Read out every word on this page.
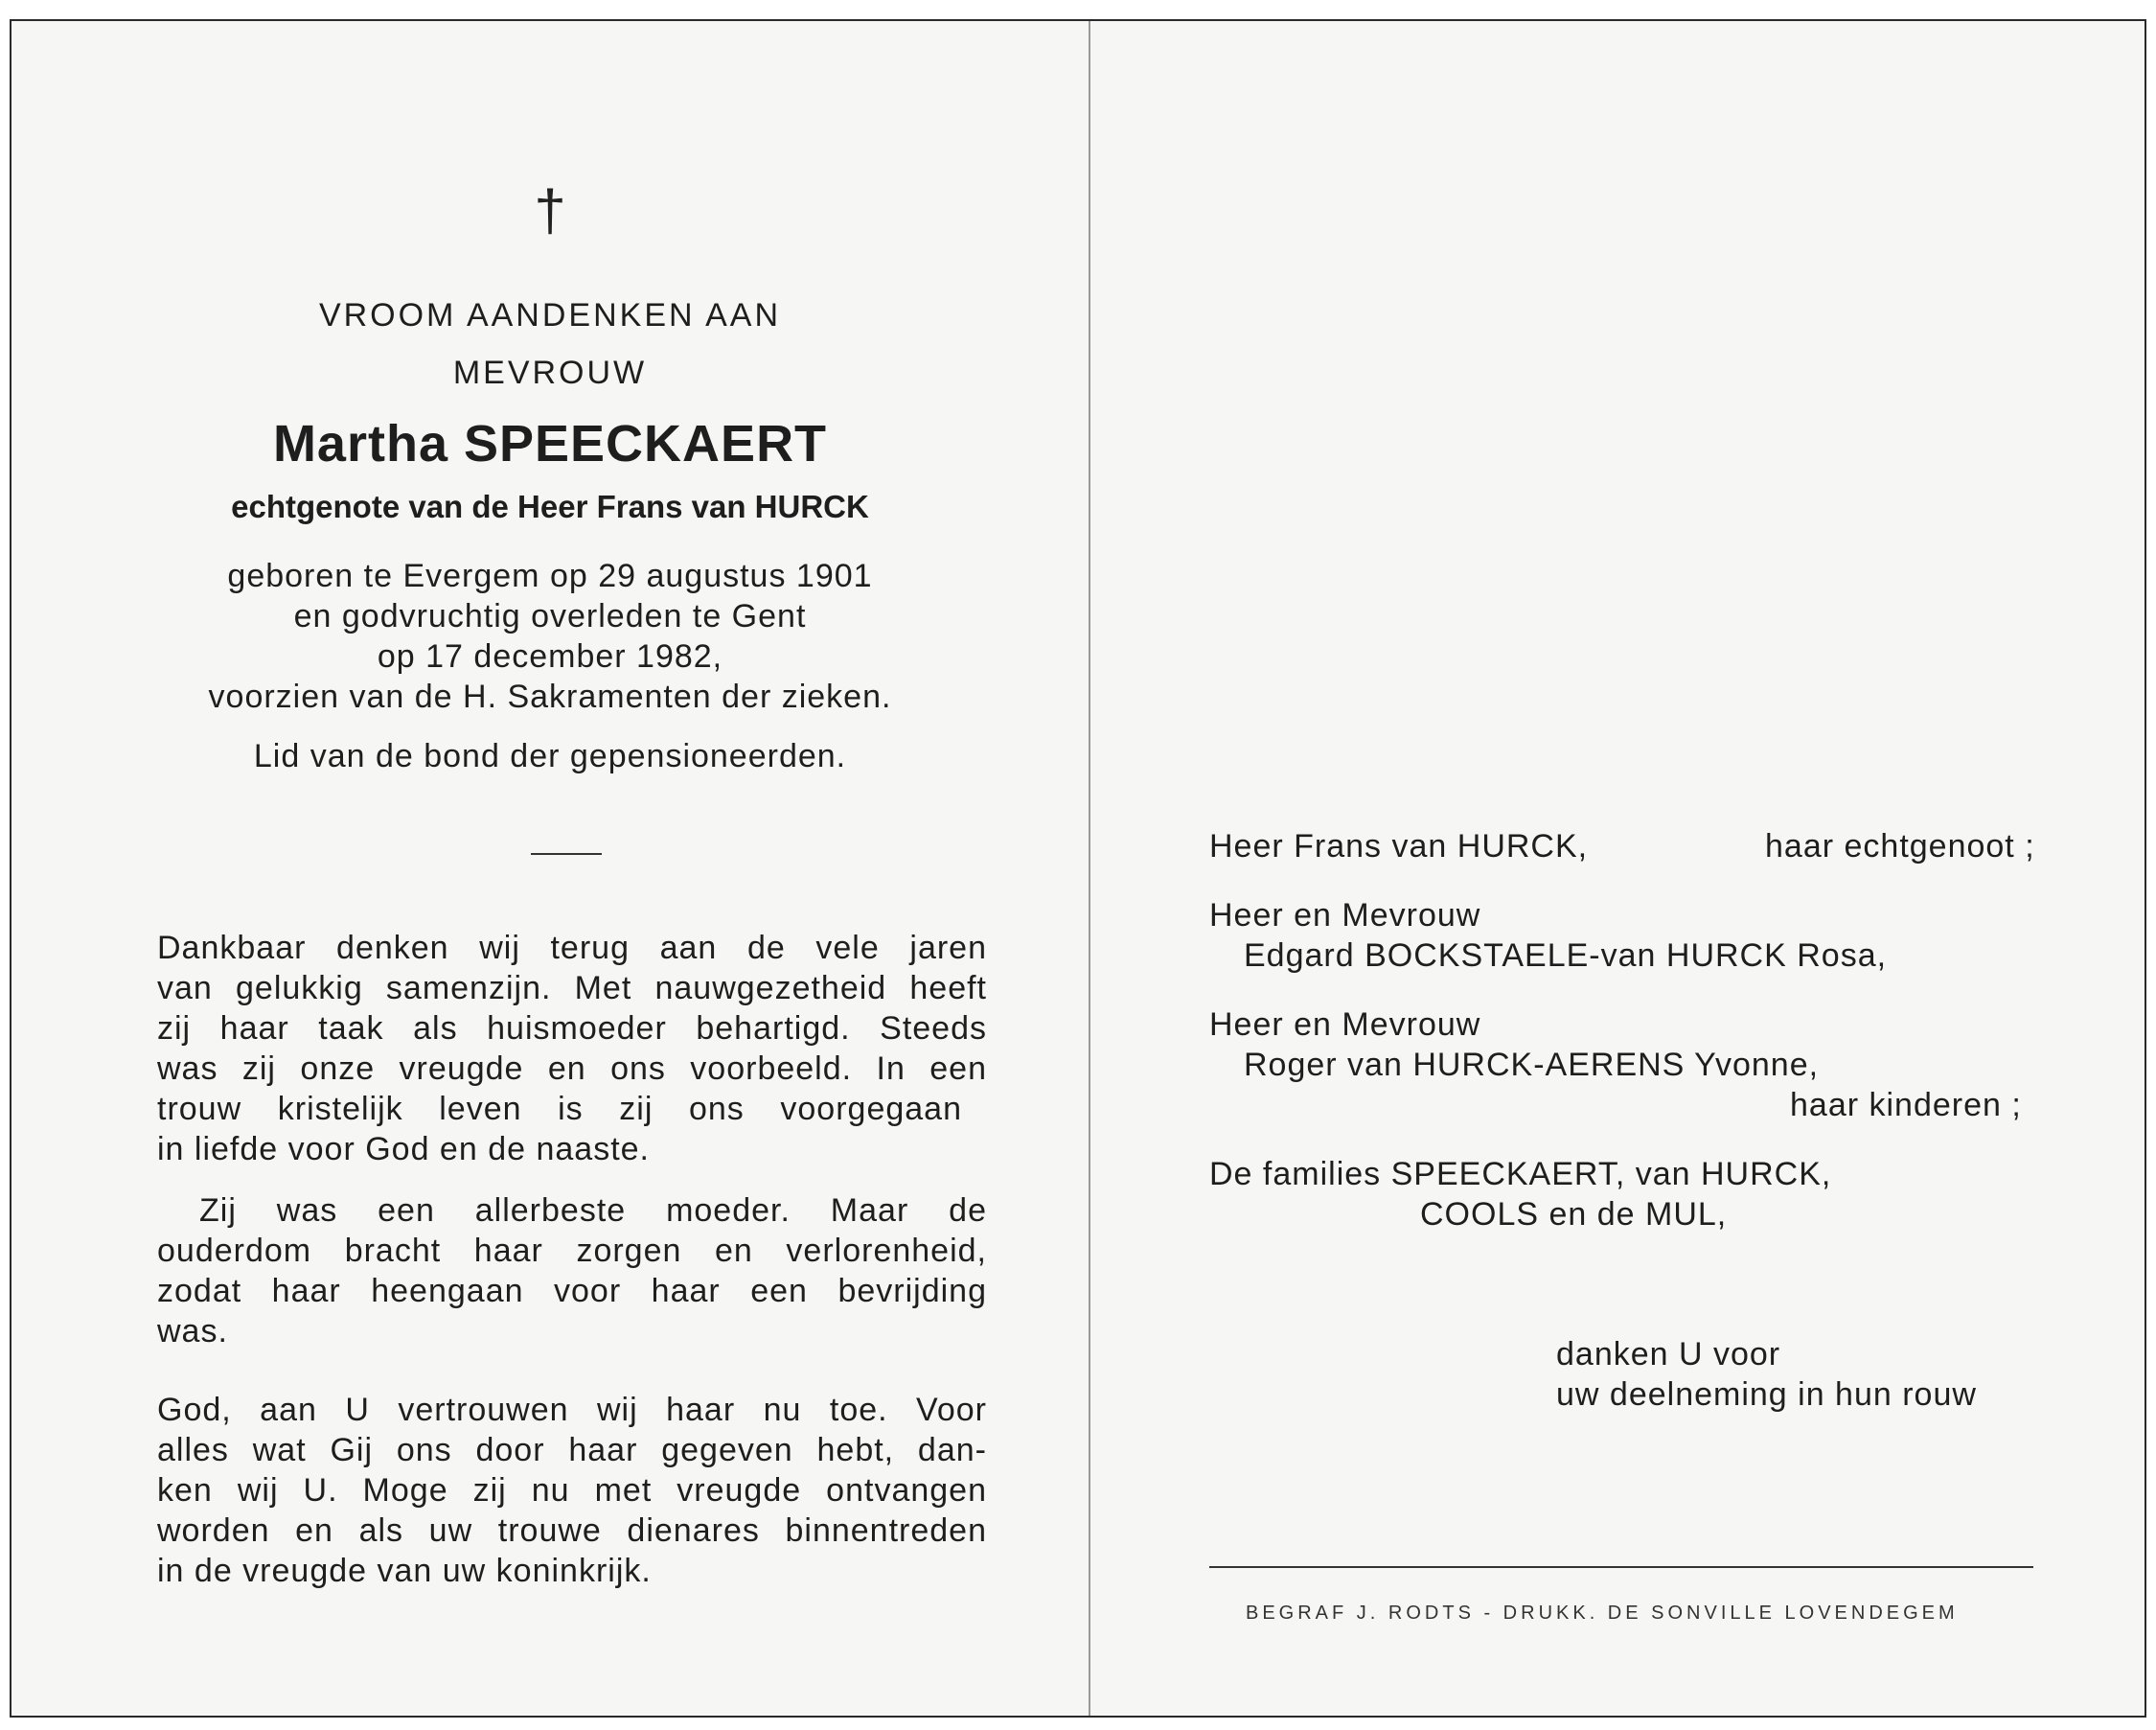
†
VROOM AANDENKEN AAN
MEVROUW
Martha SPEECKAERT
echtgenote van de Heer Frans van HURCK
geboren te Evergem op 29 augustus 1901
en godvruchtig overleden te Gent
op 17 december 1982,
voorzien van de H. Sakramenten der zieken.
Lid van de bond der gepensioneerden.
Dankbaar denken wij terug aan de vele jaren
van gelukkig samenzijn. Met nauwgezetheid heeft
zij haar taak als huismoeder behartigd. Steeds
was zij onze vreugde en ons voorbeeld. In een
trouw kristelijk leven is zij ons voorgegaan
in liefde voor God en de naaste.
Zij was een allerbeste moeder. Maar de
ouderdom bracht haar zorgen en verlorenheid,
zodat haar heengaan voor haar een bevrijding
was.
God, aan U vertrouwen wij haar nu toe. Voor
alles wat Gij ons door haar gegeven hebt, dan-
ken wij U. Moge zij nu met vreugde ontvangen
worden en als uw trouwe dienares binnentreden
in de vreugde van uw koninkrijk.
Heer Frans van HURCK,	haar echtgenoot ;
Heer en Mevrouw
Edgard BOCKSTAELE-van HURCK Rosa,
Heer en Mevrouw
Roger van HURCK-AERENS Yvonne,
haar kinderen ;
De families SPEECKAERT, van HURCK,
COOLS en de MUL,
danken U voor
uw deelneming in hun rouw
BEGRAF J. RODTS - DRUKK. DE SONVILLE LOVENDEGEM
